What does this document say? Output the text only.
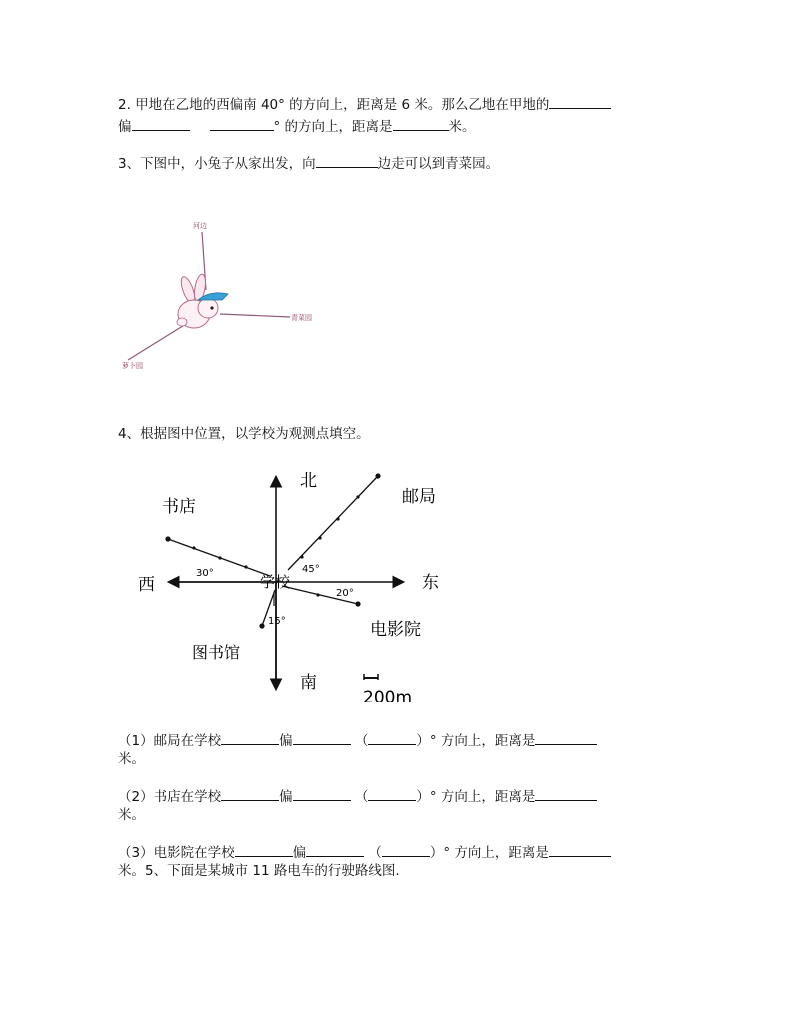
2. 甲地在乙地的西偏南 40° 的方向上，距离是 6 米。那么乙地在甲地的
偏	° 的方向上，距离是	米。
3、下图中，小兔子从家出发，向	边走可以到青菜园。
河边
青菜园
萝卜园
4、根据图中位置，以学校为观测点填空。
北
南
东
西	学校
邮局
书店
电影院
图书馆
45°
30°
20°
15°
200m
（1）邮局在学校	偏	（	）° 方向上，距离是
米。
（2）书店在学校	偏	（	）° 方向上，距离是
米。
（3）电影院在学校	偏	（	）° 方向上，距离是
米。5、下面是某城市 11 路电车的行驶路线图.
